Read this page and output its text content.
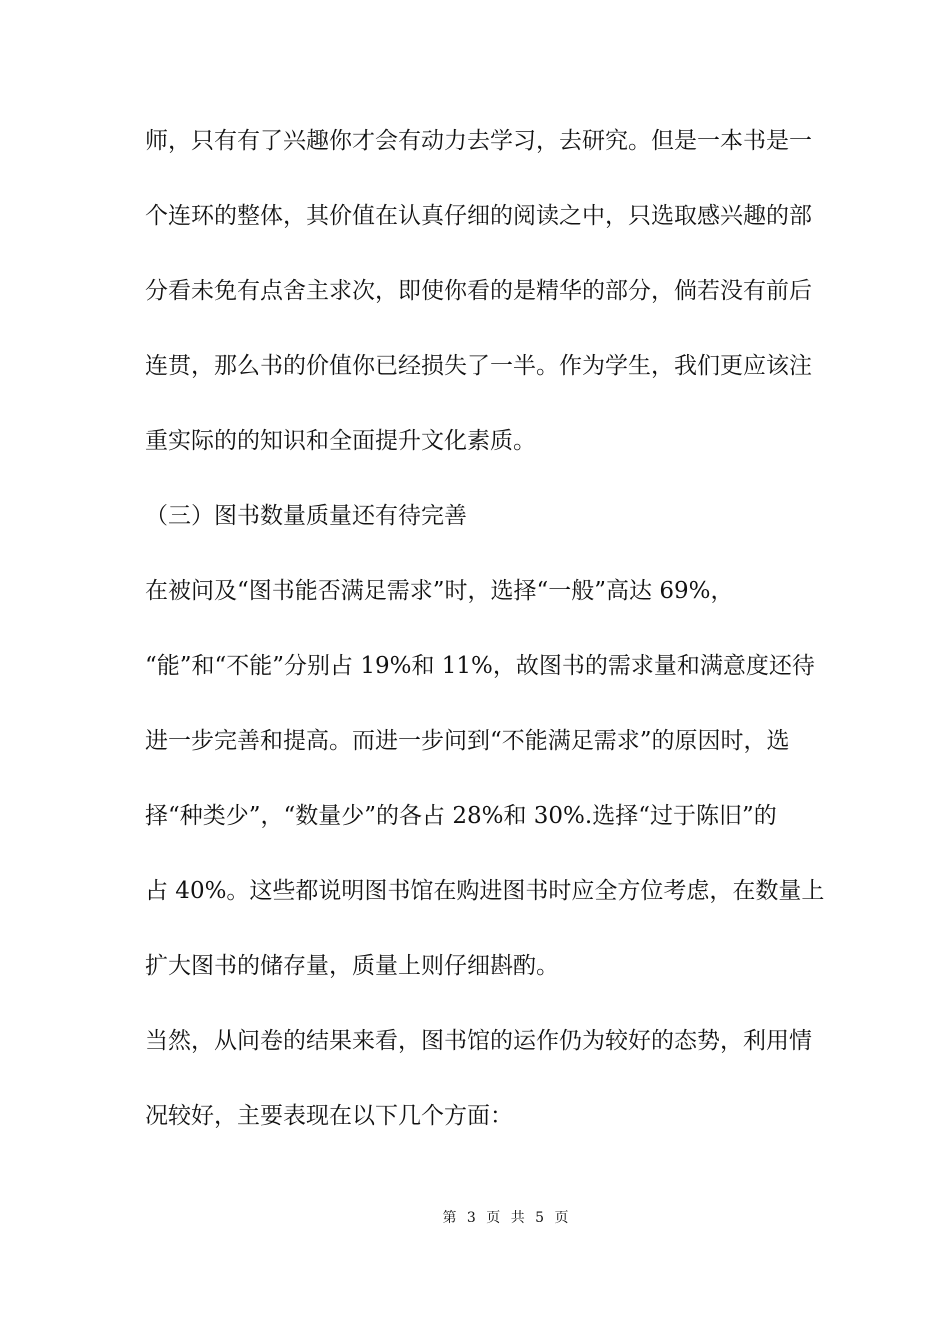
师，只有有了兴趣你才会有动力去学习，去研究。但是一本书是一

个连环的整体，其价值在认真仔细的阅读之中，只选取感兴趣的部

分看未免有点舍主求次，即使你看的是精华的部分，倘若没有前后

连贯，那么书的价值你已经损失了一半。作为学生，我们更应该注

重实际的的知识和全面提升文化素质。

（三）图书数量质量还有待完善

在被问及“图书能否满足需求”时，选择“一般”高达 69%，

“能”和“不能”分别占 19%和 11%，故图书的需求量和满意度还待

进一步完善和提高。而进一步问到“不能满足需求”的原因时，选

择“种类少”，“数量少”的各占 28%和 30%.选择“过于陈旧”的

占 40%。这些都说明图书馆在购进图书时应全方位考虑，在数量上

扩大图书的储存量，质量上则仔细斟酌。

当然，从问卷的结果来看，图书馆的运作仍为较好的态势，利用情

况较好，主要表现在以下几个方面：

第 3 页 共 5 页
